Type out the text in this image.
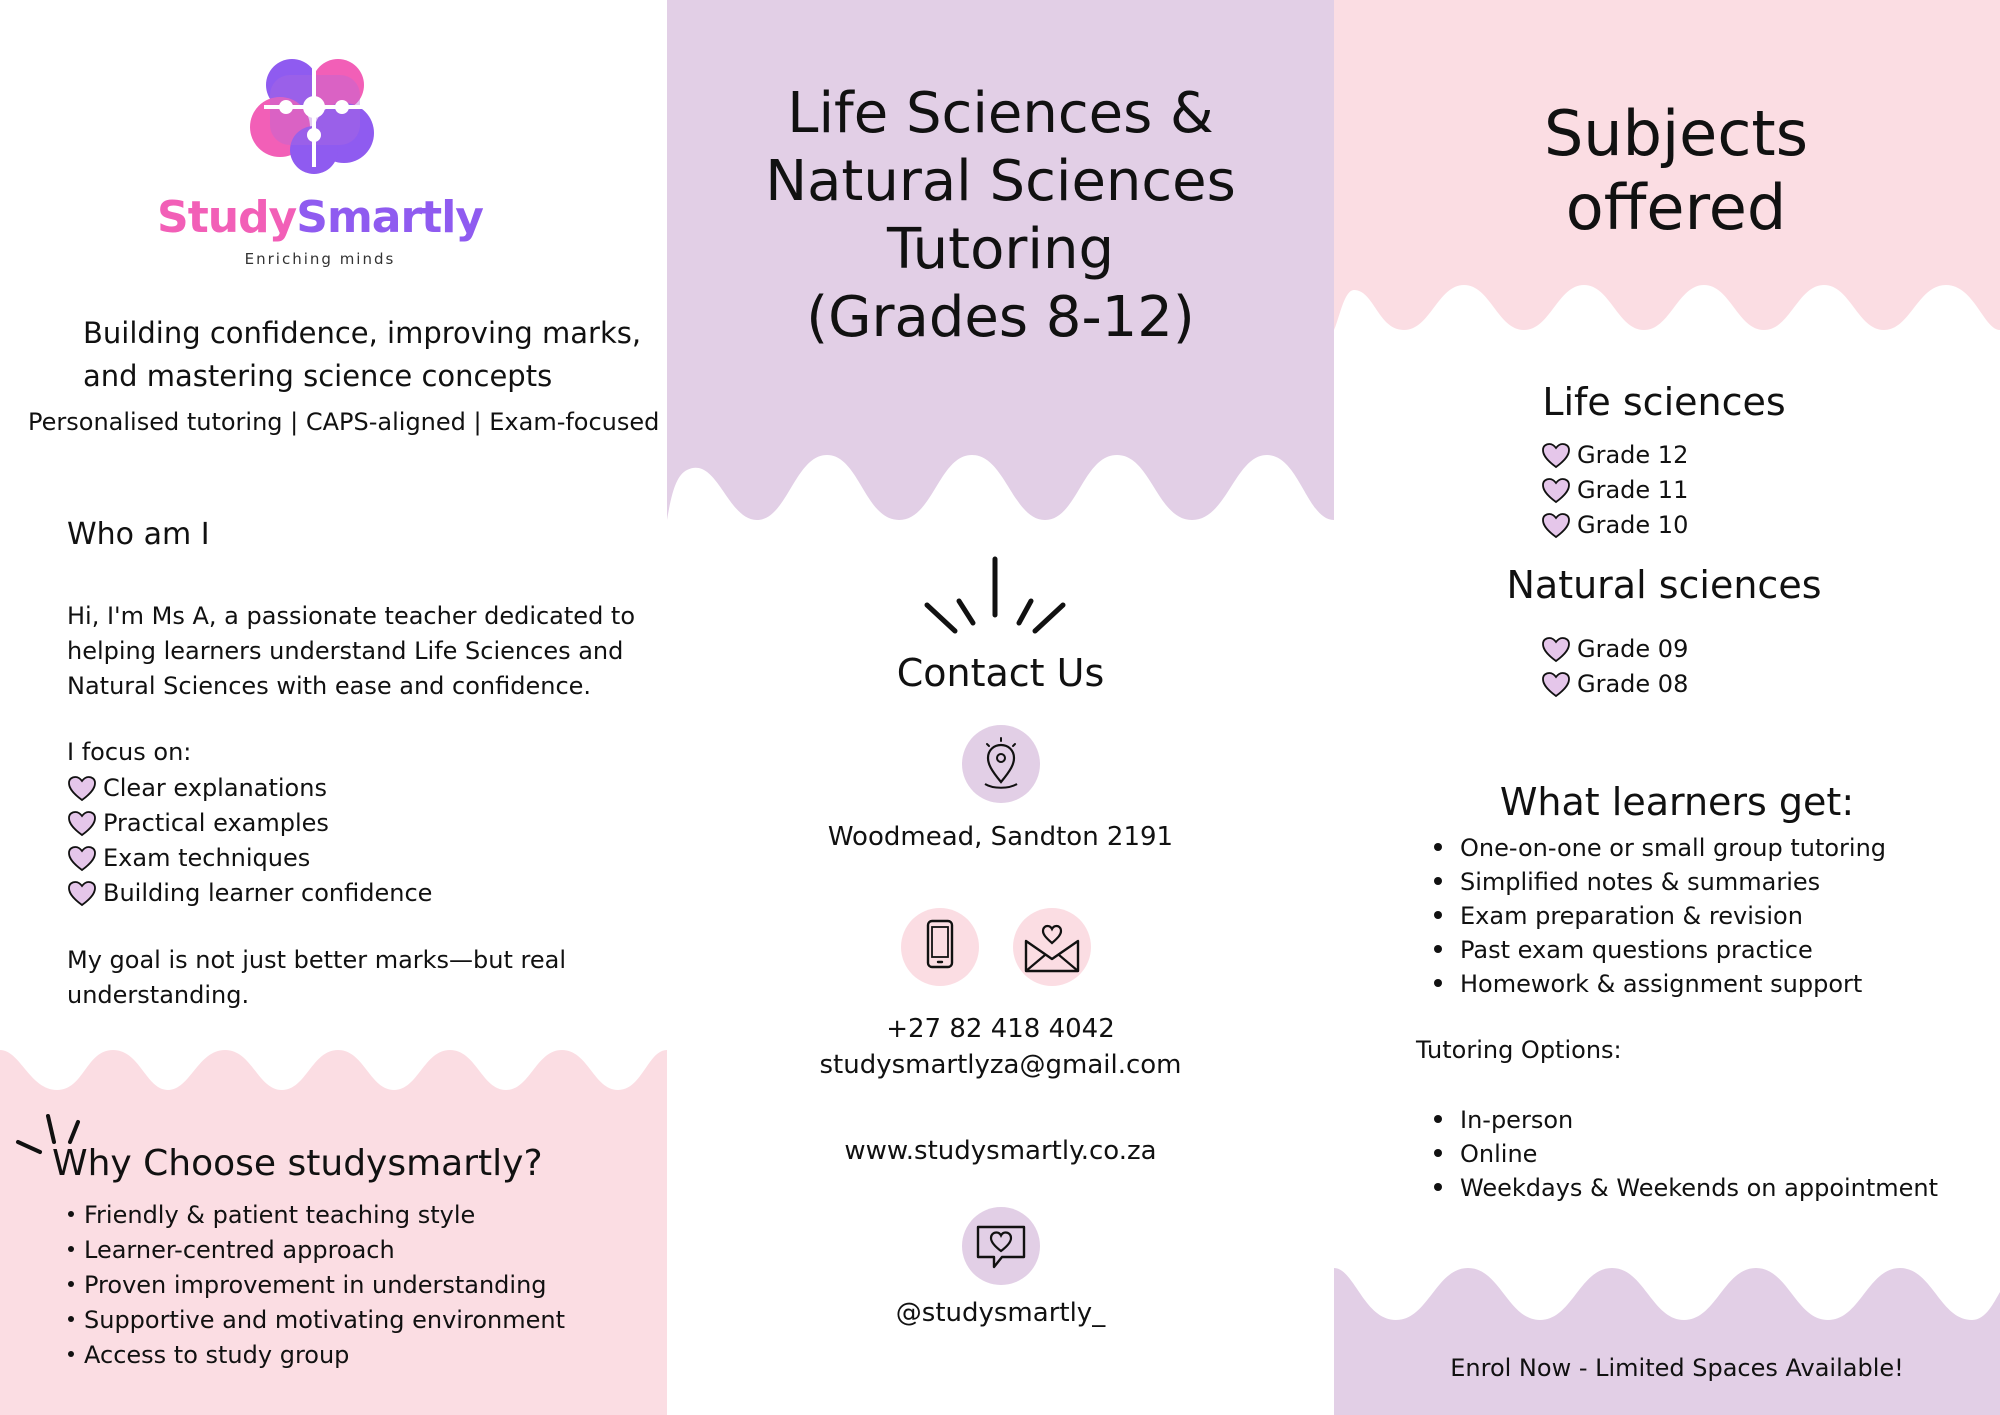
StudySmartly
Enriching minds
Building confidence, improving marks,
and mastering science concepts
Personalised tutoring | CAPS-aligned | Exam-focused
Who am I
Hi, I'm Ms A, a passionate teacher dedicated to
helping learners understand Life Sciences and
Natural Sciences with ease and confidence.
I focus on:
Clear explanations
Practical examples
Exam techniques
Building learner confidence
My goal is not just better marks—but real
understanding.
Why Choose studysmartly?
Friendly & patient teaching style
Learner-centred approach
Proven improvement in understanding
Supportive and motivating environment
Access to study group
Life Sciences &
Natural Sciences
Tutoring
(Grades 8-12)
Contact Us
Woodmead, Sandton 2191
+27 82 418 4042
studysmartlyza@gmail.com
www.studysmartly.co.za
@studysmartly_
Subjects
offered
Life sciences
Grade 12
Grade 11
Grade 10
Natural sciences
Grade 09
Grade 08
What learners get:
One-on-one or small group tutoring
Simplified notes & summaries
Exam preparation & revision
Past exam questions practice
Homework & assignment support
Tutoring Options:
In-person
Online
Weekdays & Weekends on appointment
Enrol Now - Limited Spaces Available!
